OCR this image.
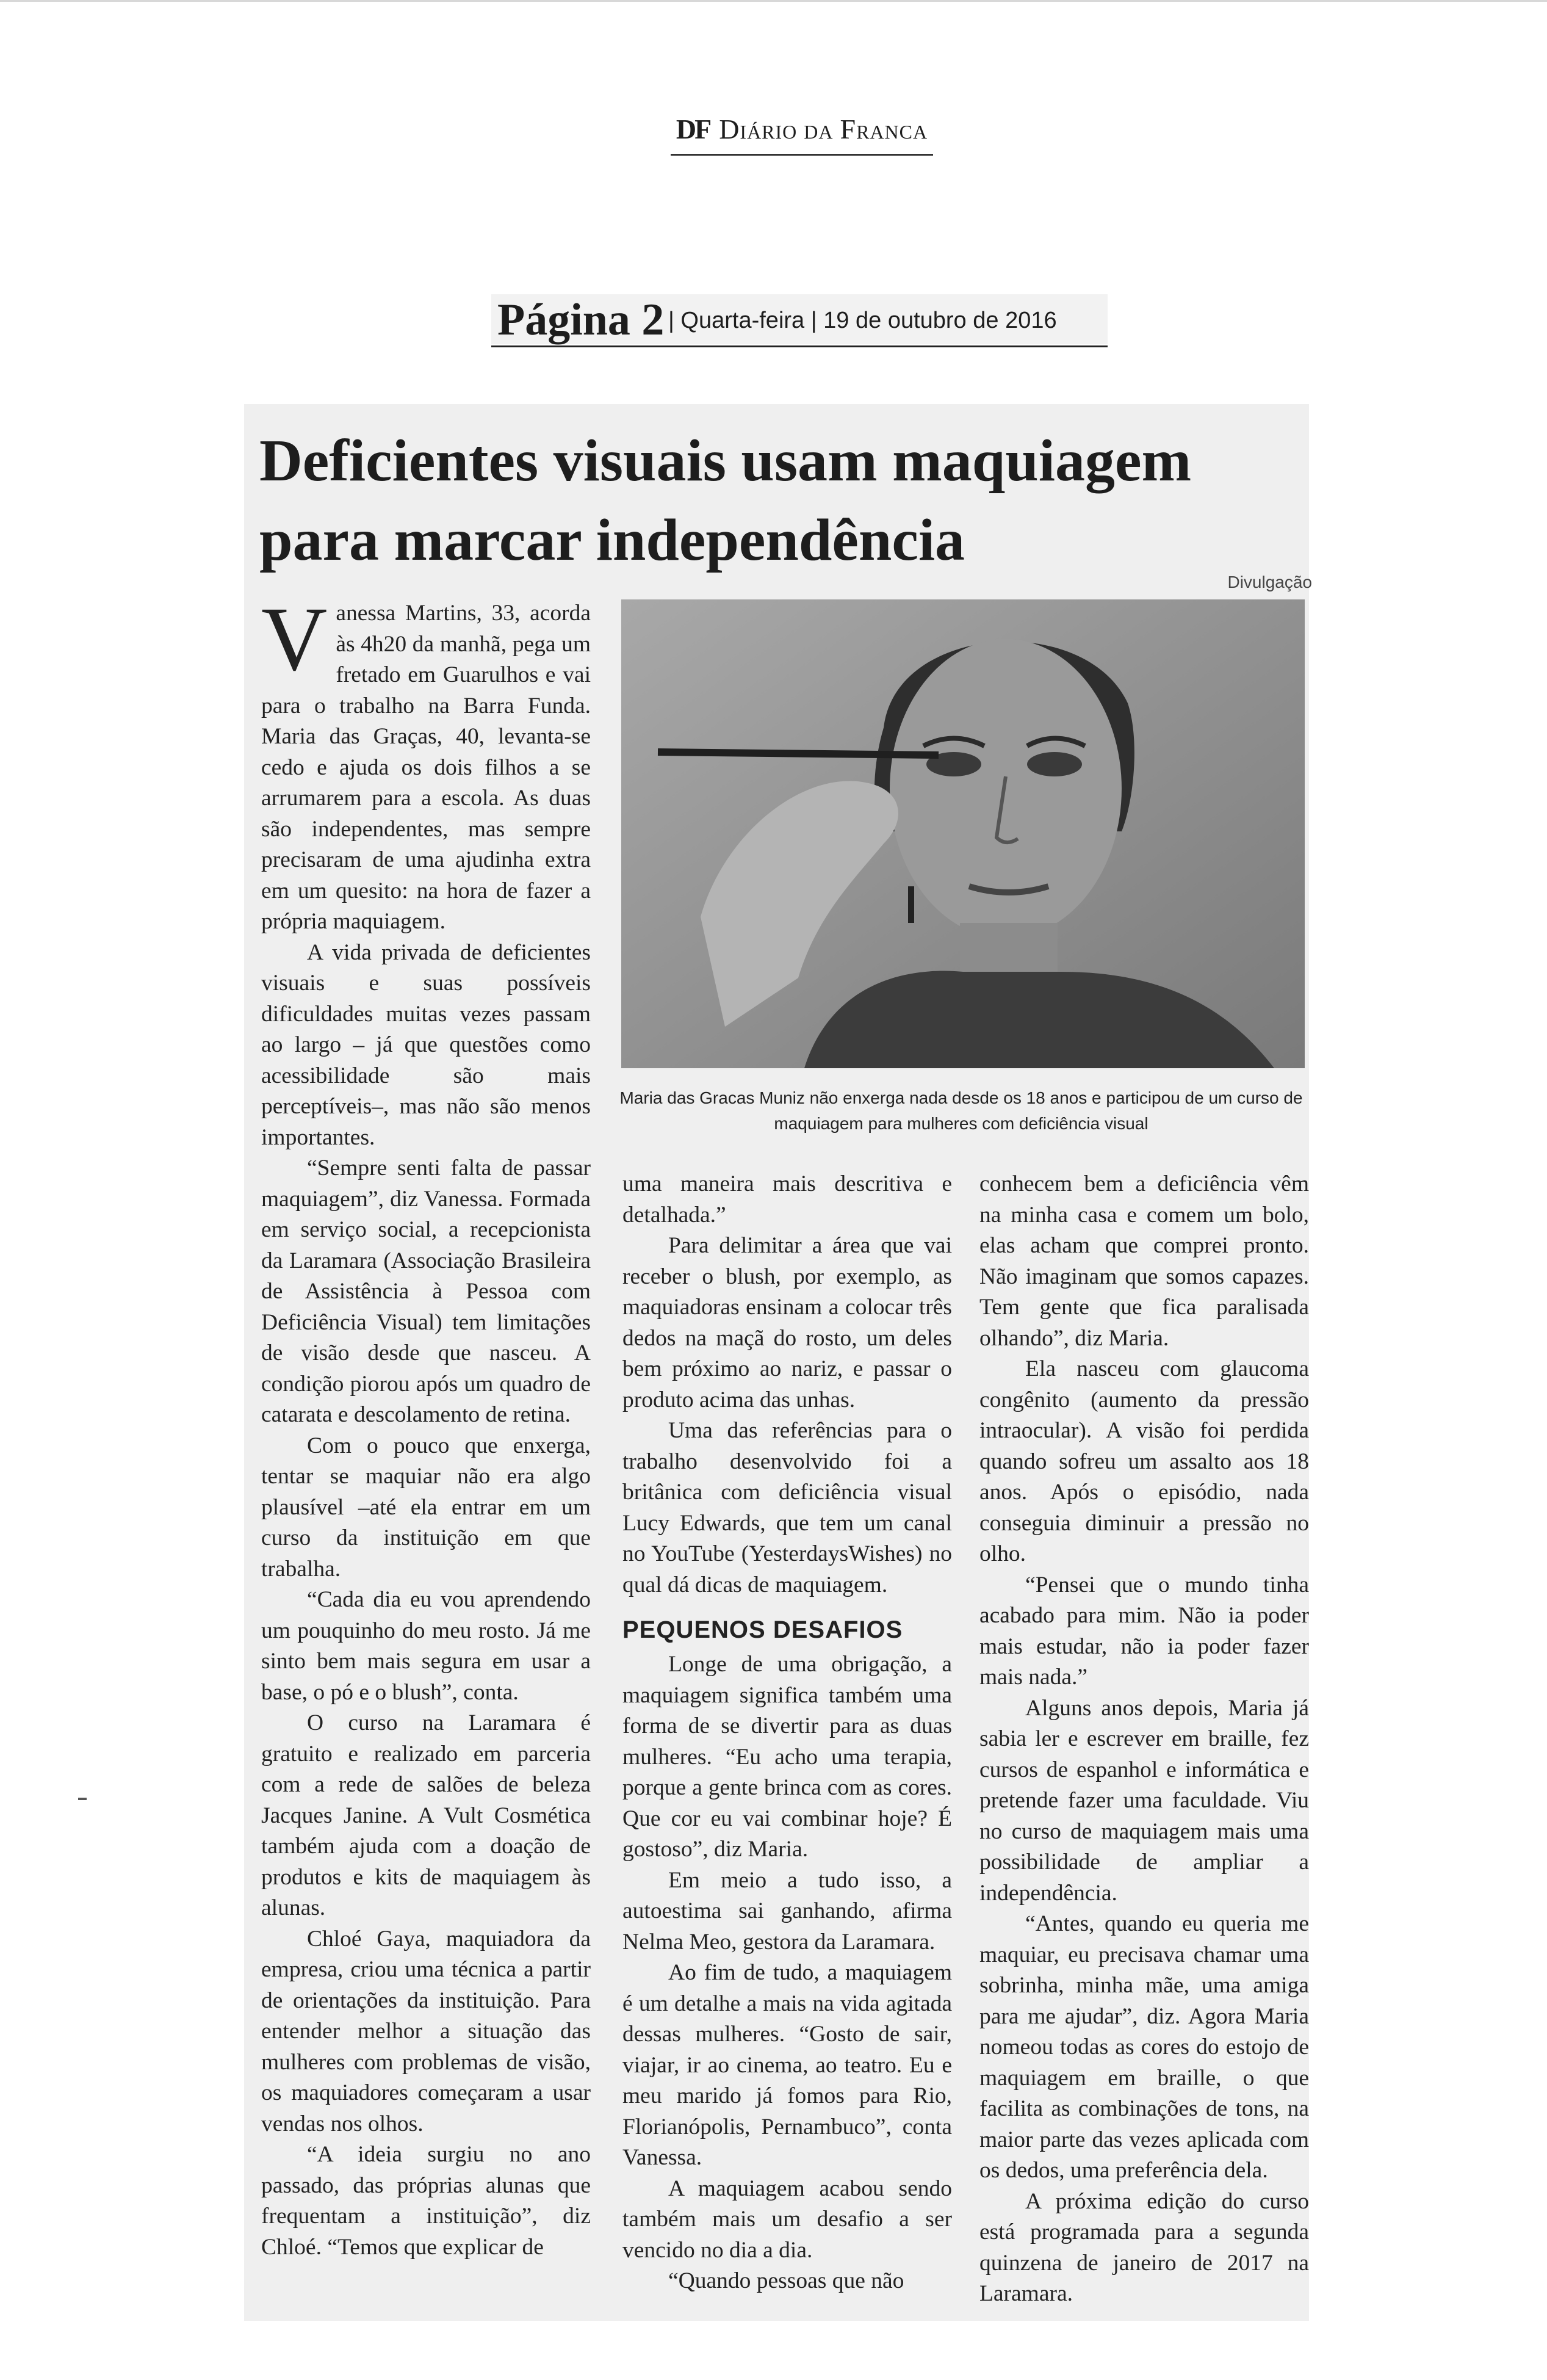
DF Diário da Franca
Página 2 | Quarta-feira | 19 de outubro de 2016
Deficientes visuais usam maquiagem para marcar independência
Divulgação
Maria das Gracas Muniz não enxerga nada desde os 18 anos e participou de um curso de maquiagem para mulheres com deficiência visual

Vanessa Martins, 33, acorda às 4h20 da manhã, pega um fretado em Guarulhos e vai para o trabalho na Barra Funda. Maria das Graças, 40, levanta-se cedo e ajuda os dois filhos a se arrumarem para a escola. As duas são independentes, mas sempre precisaram de uma ajudinha extra em um quesito: na hora de fazer a própria maquiagem.

A vida privada de deficientes visuais e suas possíveis dificuldades muitas vezes passam ao largo – já que questões como acessibilidade são mais perceptíveis–, mas não são menos importantes.

“Sempre senti falta de passar maquiagem”, diz Vanessa. Formada em serviço social, a recepcionista da Laramara (Associação Brasileira de Assistência à Pessoa com Deficiência Visual) tem limitações de visão desde que nasceu. A condição piorou após um quadro de catarata e descolamento de retina.

Com o pouco que enxerga, tentar se maquiar não era algo plausível –até ela entrar em um curso da instituição em que trabalha.

“Cada dia eu vou aprendendo um pouquinho do meu rosto. Já me sinto bem mais segura em usar a base, o pó e o blush”, conta.

O curso na Laramara é gratuito e realizado em parceria com a rede de salões de beleza Jacques Janine. A Vult Cosmética também ajuda com a doação de produtos e kits de maquiagem às alunas.

Chloé Gaya, maquiadora da empresa, criou uma técnica a partir de orientações da instituição. Para entender melhor a situação das mulheres com problemas de visão, os maquiadores começaram a usar vendas nos olhos.

“A ideia surgiu no ano passado, das próprias alunas que frequentam a instituição”, diz Chloé. “Temos que explicar de

uma maneira mais descritiva e detalhada.”

Para delimitar a área que vai receber o blush, por exemplo, as maquiadoras ensinam a colocar três dedos na maçã do rosto, um deles bem próximo ao nariz, e passar o produto acima das unhas.

Uma das referências para o trabalho desenvolvido foi a britânica com deficiência visual Lucy Edwards, que tem um canal no YouTube (YesterdaysWishes) no qual dá dicas de maquiagem.

PEQUENOS DESAFIOS

Longe de uma obrigação, a maquiagem significa também uma forma de se divertir para as duas mulheres. “Eu acho uma terapia, porque a gente brinca com as cores. Que cor eu vai combinar hoje? É gostoso”, diz Maria.

Em meio a tudo isso, a autoestima sai ganhando, afirma Nelma Meo, gestora da Laramara.

Ao fim de tudo, a maquiagem é um detalhe a mais na vida agitada dessas mulheres. “Gosto de sair, viajar, ir ao cinema, ao teatro. Eu e meu marido já fomos para Rio, Florianópolis, Pernambuco”, conta Vanessa.

A maquiagem acabou sendo também mais um desafio a ser vencido no dia a dia.

“Quando pessoas que não

conhecem bem a deficiência vêm na minha casa e comem um bolo, elas acham que comprei pronto. Não imaginam que somos capazes. Tem gente que fica paralisada olhando”, diz Maria.

Ela nasceu com glaucoma congênito (aumento da pressão intraocular). A visão foi perdida quando sofreu um assalto aos 18 anos. Após o episódio, nada conseguia diminuir a pressão no olho.

“Pensei que o mundo tinha acabado para mim. Não ia poder mais estudar, não ia poder fazer mais nada.”

Alguns anos depois, Maria já sabia ler e escrever em braille, fez cursos de espanhol e informática e pretende fazer uma faculdade. Viu no curso de maquiagem mais uma possibilidade de ampliar a independência.

“Antes, quando eu queria me maquiar, eu precisava chamar uma sobrinha, minha mãe, uma amiga para me ajudar”, diz. Agora Maria nomeou todas as cores do estojo de maquiagem em braille, o que facilita as combinações de tons, na maior parte das vezes aplicada com os dedos, uma preferência dela.

A próxima edição do curso está programada para a segunda quinzena de janeiro de 2017 na Laramara.
